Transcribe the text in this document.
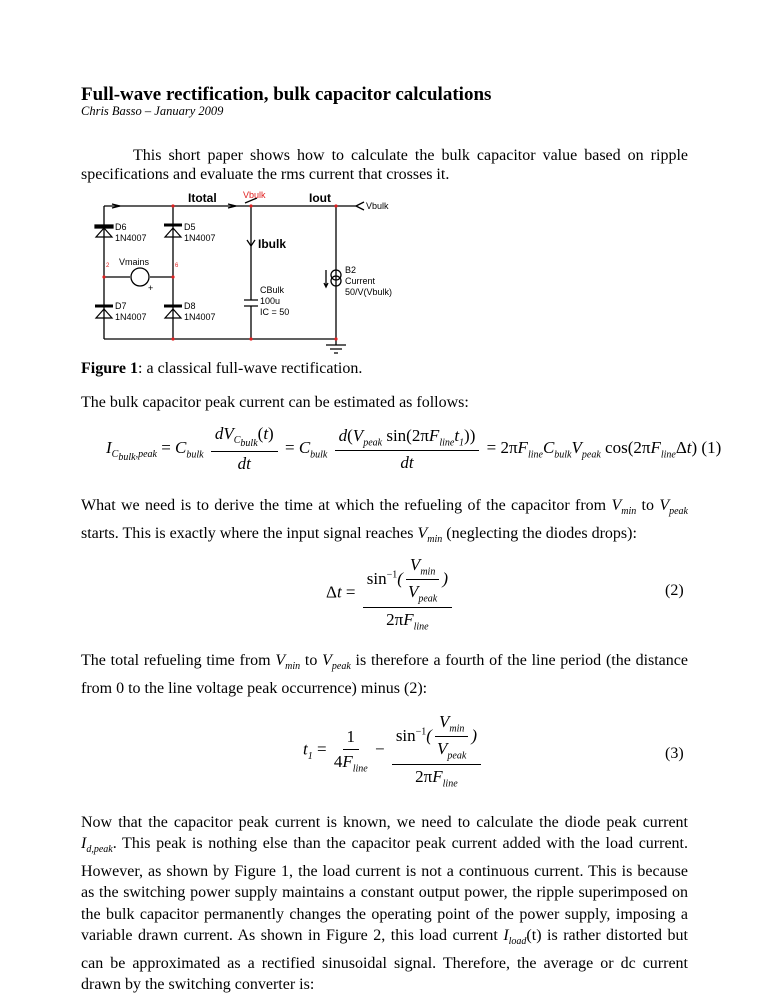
Full-wave rectification, bulk capacitor calculations
Chris Basso – January 2009
This short paper shows how to calculate the bulk capacitor value based on ripple specifications and evaluate the rms current that crosses it.
Itotal	Vbulk	Iout
Vbulk
Ibulk
D6
1N4007
D5
1N4007
D7
1N4007
D8
1N4007
Vmains
2	6
+	CBulk
100u
IC = 50
B2
Current
50/V(Vbulk)
Figure 1: a classical full-wave rectification.
The bulk capacitor peak current can be estimated as follows:
$I_{C_{bulk},peak} = C_{bulk} \frac{dV_{C_{bulk}}(t)}{dt} = C_{bulk} \frac{d(V_{peak} \sin(2\pi F_{line}t_1))}{dt} = 2\pi F_{line}C_{bulk}V_{peak}$ $\cos(2\pi F_{line}\Delta t)$ (1)
What we need is to derive the time at which the refueling of the capacitor from $V_{min}$ to $V_{peak}$ starts. This is exactly where the input signal reaches $V_{min}$ (neglecting the diodes drops):
$\Delta t = \frac{\sin^{-1}( \frac{V_{min}}{V_{peak}} )}{2\pi F_{line}}$	(2)
The total refueling time from $V_{min}$ to $V_{peak}$ is therefore a fourth of the line period (the distance from 0 to the line voltage peak occurrence) minus (2):
$t_1 = \frac{1}{4F_{line}} - \frac{\sin^{-1}( \frac{V_{min}}{V_{peak}} )}{2\pi F_{line}}$	(3)
Now that the capacitor peak current is known, we need to calculate the diode peak current $I_{d,peak}$. This peak is nothing else than the capacitor peak current added with the load current. However, as shown by Figure 1, the load current is not a continuous current. This is because as the switching power supply maintains a constant output power, the ripple superimposed on the bulk capacitor permanently changes the operating point of the power supply, imposing a variable drawn current. As shown in Figure 2, this load current $I_{load}(t)$ is rather distorted but can be approximated as a rectified sinusoidal signal. Therefore, the average or dc current drawn by the switching converter is:
